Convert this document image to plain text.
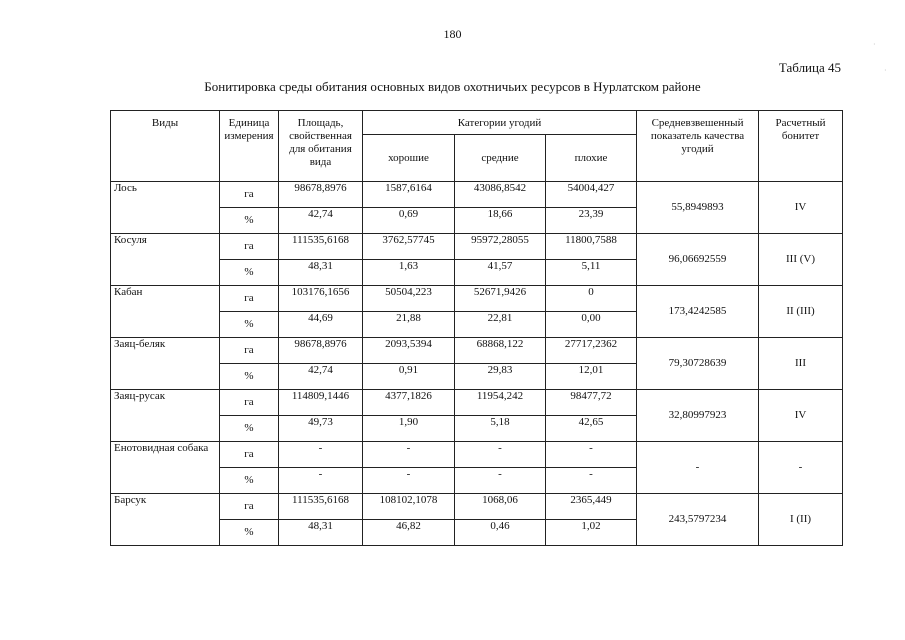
180
Таблица 45
Бонитировка среды обитания основных видов охотничьих ресурсов в Нурлатском районе
·
·
Виды	Единица измерения	Площадь, свойственная для обитания вида	Категории угодий			Средневзвешенный показатель качества угодий	Расчетный бонитет
			хорошие	средние	плохие		
Лось	га	98678,8976	1587,6164	43086,8542	54004,427	55,8949893	IV
	%	42,74	0,69	18,66	23,39		
Косуля	га	111535,6168	3762,57745	95972,28055	11800,7588	96,06692559	III (V)
	%	48,31	1,63	41,57	5,11		
Кабан	га	103176,1656	50504,223	52671,9426	0	173,4242585	II (III)
	%	44,69	21,88	22,81	0,00		
Заяц-беляк	га	98678,8976	2093,5394	68868,122	27717,2362	79,30728639	III
	%	42,74	0,91	29,83	12,01		
Заяц-русак	га	114809,1446	4377,1826	11954,242	98477,72	32,80997923	IV
	%	49,73	1,90	5,18	42,65		
Енотовидная собака	га	-	-	-	-	-	-
	%	-	-	-	-		
Барсук	га	111535,6168	108102,1078	1068,06	2365,449	243,5797234	I (II)
	%	48,31	46,82	0,46	1,02		
